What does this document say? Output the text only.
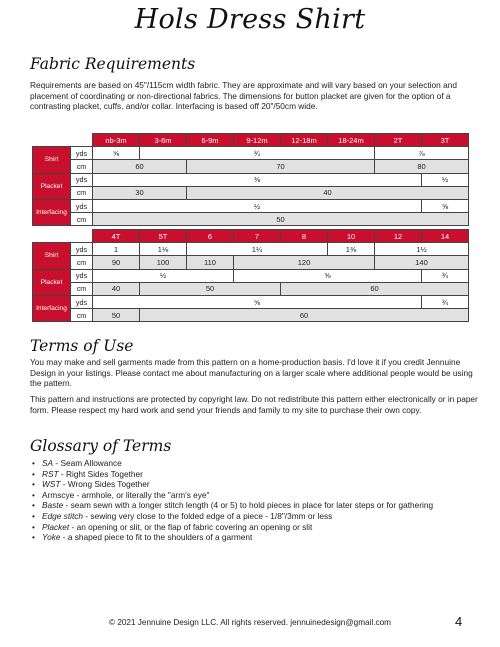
Hols Dress Shirt
Fabric Requirements
Requirements are based on 45"/115cm width fabric. They are approximate and will vary based on your selection and placement of coordinating or non-directional fabrics. The dimensions for button placket are given for the option of a contrasting placket, cuffs, and/or collar. Interfacing is based off 20"/50cm wide.
		nb-3m	3-6m	6-9m	9-12m	12-18m	18-24m	2T	3T
Shirt	yds	⅝	¾					⅞	
	cm	60		70				80	
Placket	yds	⅜							½
	cm	30		40					
Interfacing	yds	½							⅝
	cm	50							
		4T	5T	6	7	8	10	12	14
Shirt	yds	1	1⅛	1¼			1⅜	1½	
	cm	90	100	110	120			140	
Placket	yds	½			⅝				¾
	cm	40	50			60			
Interfacing	yds	⅝							¾
	cm	50	60						
Terms of Use
You may make and sell garments made from this pattern on a home-production basis. I'd love it if you credit Jennuine Design in your listings. Please contact me about manufacturing on a larger scale where additional people would be using the pattern.
This pattern and instructions are protected by copyright law. Do not redistribute this pattern either electronically or in paper form. Please respect my hard work and send your friends and family to my site to purchase their own copy.
Glossary of Terms
• SA - Seam Allowance
• RST - Right Sides Together
• WST - Wrong Sides Together
• Armscye - armhole, or literally the "arm's eye"
• Baste - seam sewn with a longer stitch length (4 or 5) to hold pieces in place for later steps or for gathering
• Edge stitch - sewing very close to the folded edge of a piece - 1/8"/3mm or less
• Placket - an opening or slit, or the flap of fabric covering an opening or slit
• Yoke - a shaped piece to fit to the shoulders of a garment
© 2021 Jennuine Design LLC. All rights reserved. jennuinedesign@gmail.com	4
